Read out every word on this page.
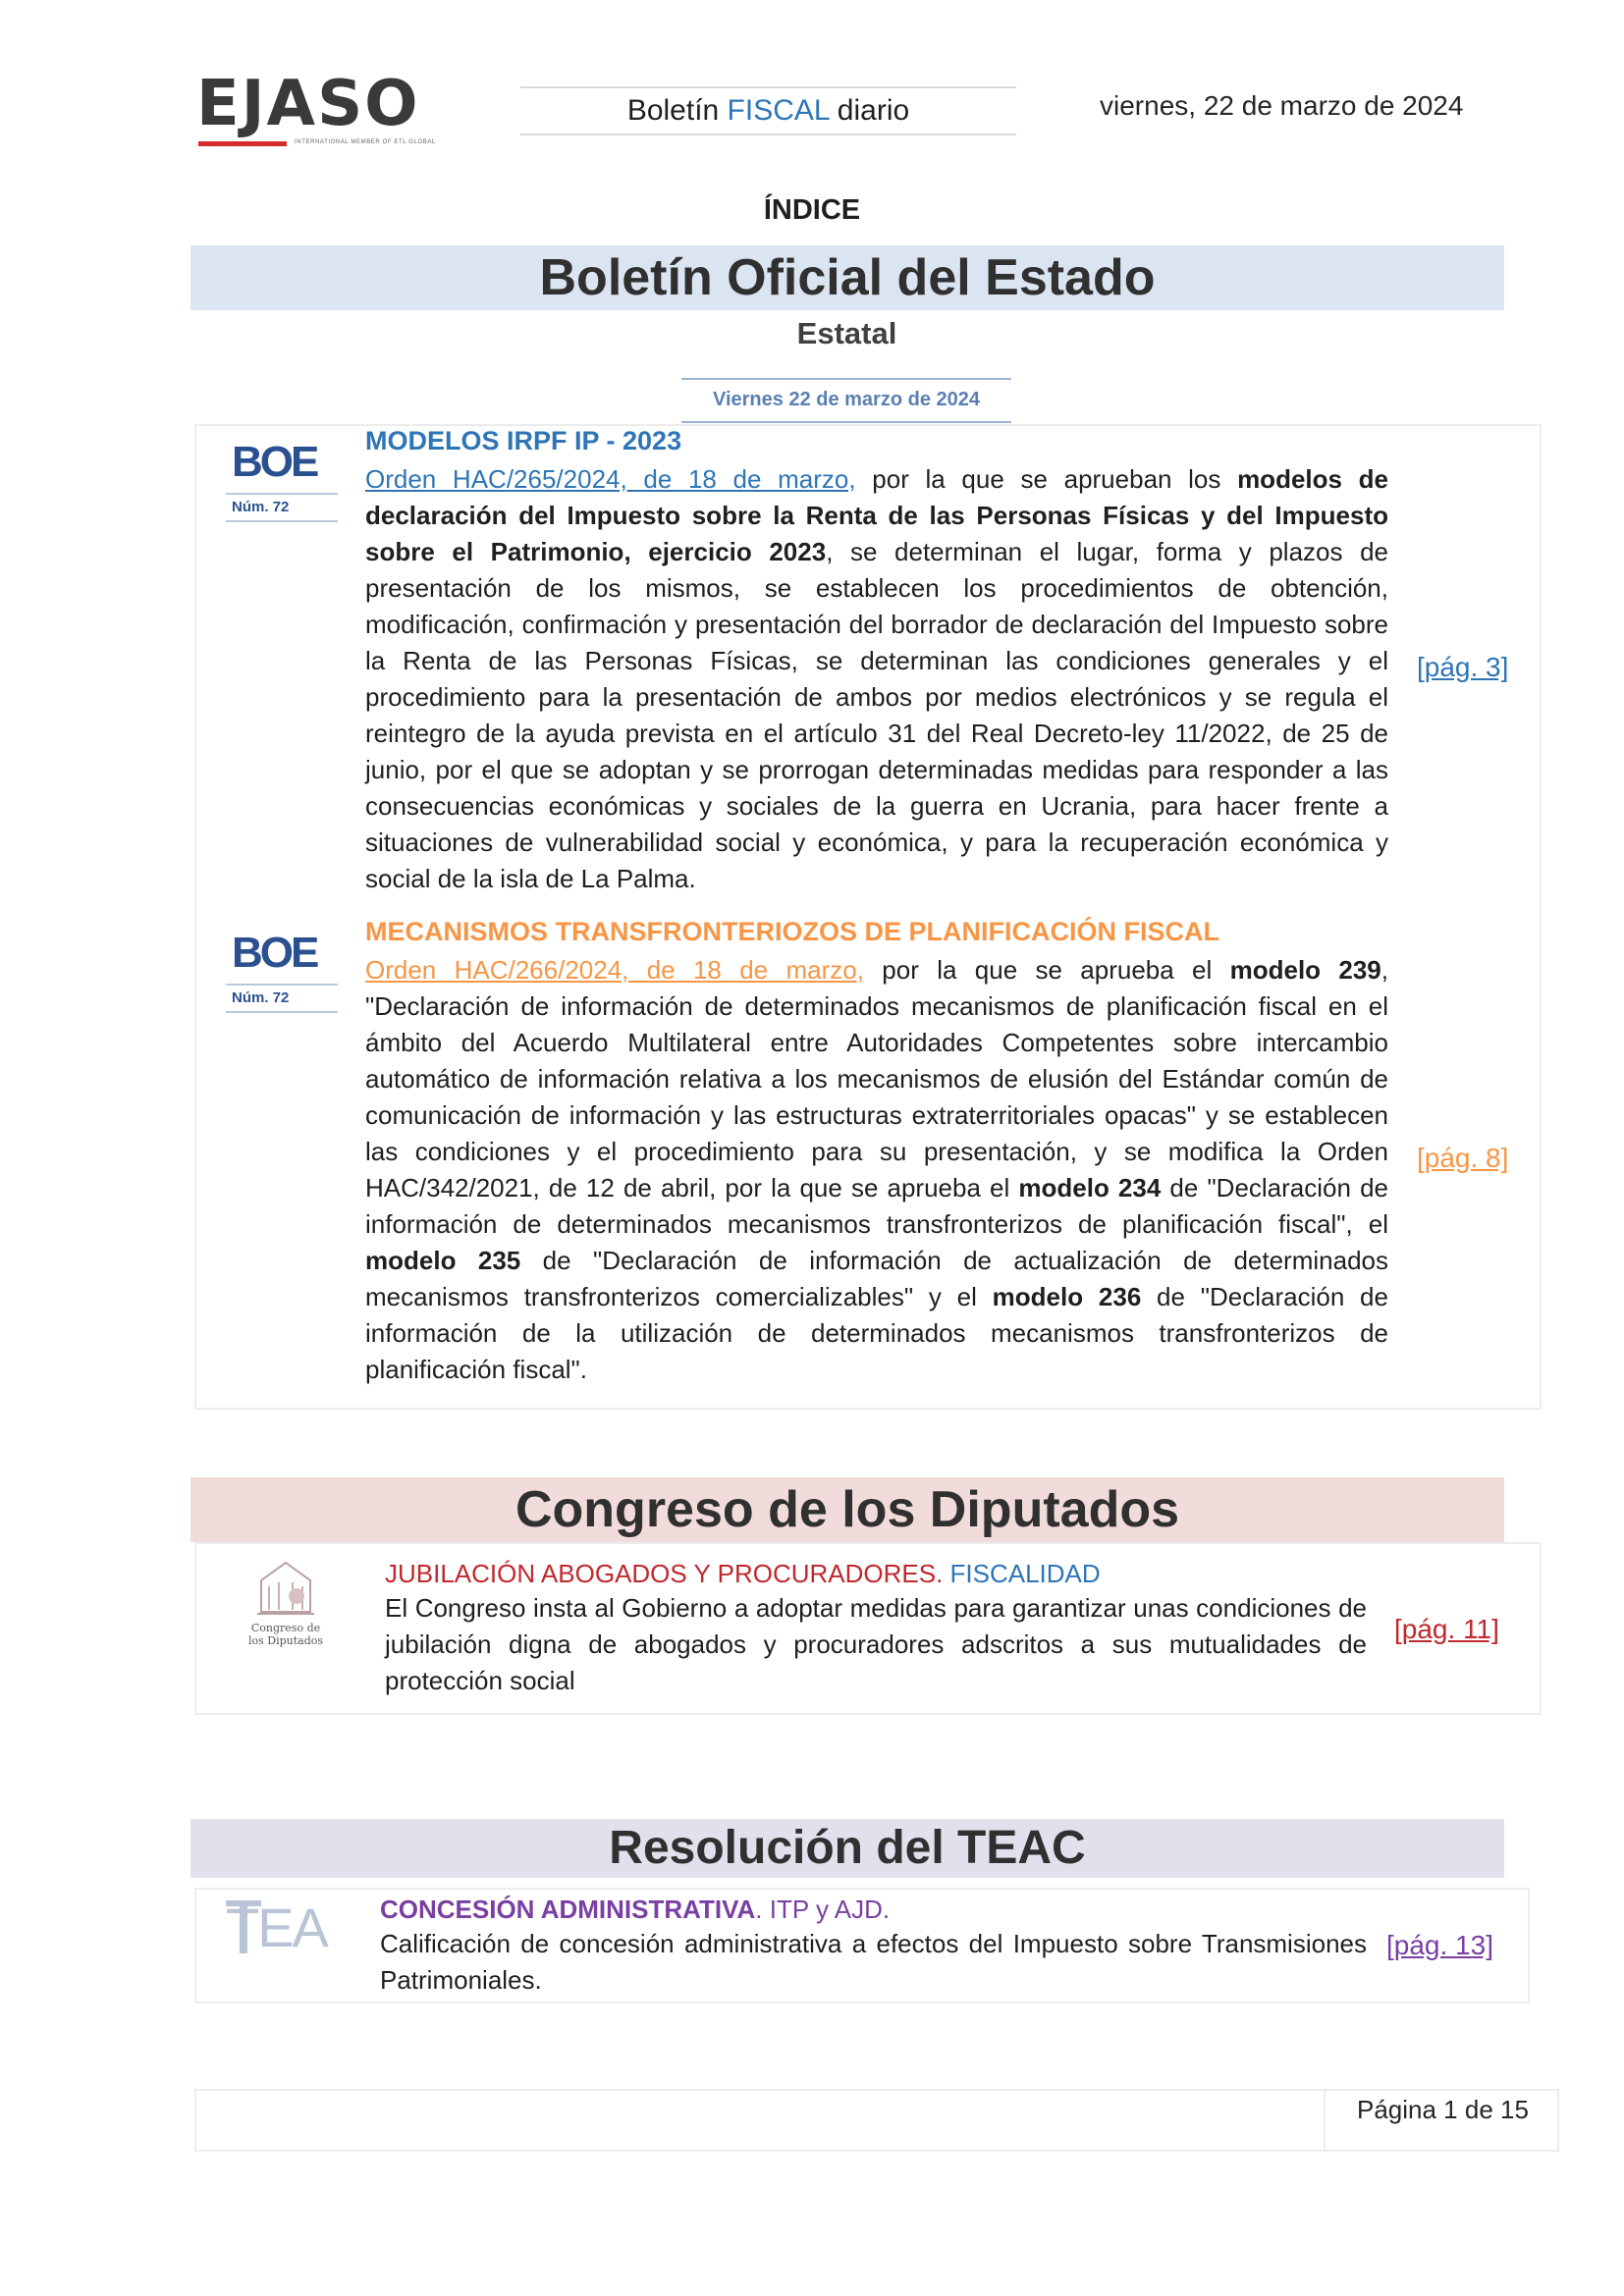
EJASO
INTERNATIONAL MEMBER OF ETL GLOBAL
Boletín FISCAL diario	viernes, 22 de marzo de 2024
ÍNDICE
Boletín Oficial del Estado
Estatal
Viernes 22 de marzo de 2024
BOE
Núm. 72
MODELOS IRPF IP - 2023
Orden HAC/265/2024, de 18 de marzo, por la que se aprueban los modelos de declaración del Impuesto sobre la Renta de las Personas Físicas y del Impuesto sobre el Patrimonio, ejercicio 2023, se determinan el lugar, forma y plazos de presentación de los mismos, se establecen los procedimientos de obtención, modificación, confirmación y presentación del borrador de declaración del Impuesto sobre la Renta de las Personas Físicas, se determinan las condiciones generales y el procedimiento para la presentación de ambos por medios electrónicos y se regula el reintegro de la ayuda prevista en el artículo 31 del Real Decreto-ley 11/2022, de 25 de junio, por el que se adoptan y se prorrogan determinadas medidas para responder a las consecuencias económicas y sociales de la guerra en Ucrania, para hacer frente a situaciones de vulnerabilidad social y económica, y para la recuperación económica y social de la isla de La Palma.
[pág. 3]
BOE
Núm. 72
MECANISMOS TRANSFRONTERIOZOS DE PLANIFICACIÓN FISCAL
Orden HAC/266/2024, de 18 de marzo, por la que se aprueba el modelo 239, "Declaración de información de determinados mecanismos de planificación fiscal en el ámbito del Acuerdo Multilateral entre Autoridades Competentes sobre intercambio automático de información relativa a los mecanismos de elusión del Estándar común de comunicación de información y las estructuras extraterritoriales opacas" y se establecen las condiciones y el procedimiento para su presentación, y se modifica la Orden HAC/342/2021, de 12 de abril, por la que se aprueba el modelo 234 de "Declaración de información de determinados mecanismos transfronterizos de planificación fiscal", el modelo 235 de "Declaración de información de actualización de determinados mecanismos transfronterizos comercializables" y el modelo 236 de "Declaración de información de la utilización de determinados mecanismos transfronterizos de planificación fiscal".
[pág. 8]
Congreso de los Diputados
Congreso de
los Diputados
JUBILACIÓN ABOGADOS Y PROCURADORES. FISCALIDAD
El Congreso insta al Gobierno a adoptar medidas para garantizar unas condiciones de jubilación digna de abogados y procuradores adscritos a sus mutualidades de protección social
[pág. 11]
Resolución del TEAC
TEA CONCESIÓN ADMINISTRATIVA. ITP y AJD.
Calificación de concesión administrativa a efectos del Impuesto sobre Transmisiones Patrimoniales.
[pág. 13]
Página 1 de 15
